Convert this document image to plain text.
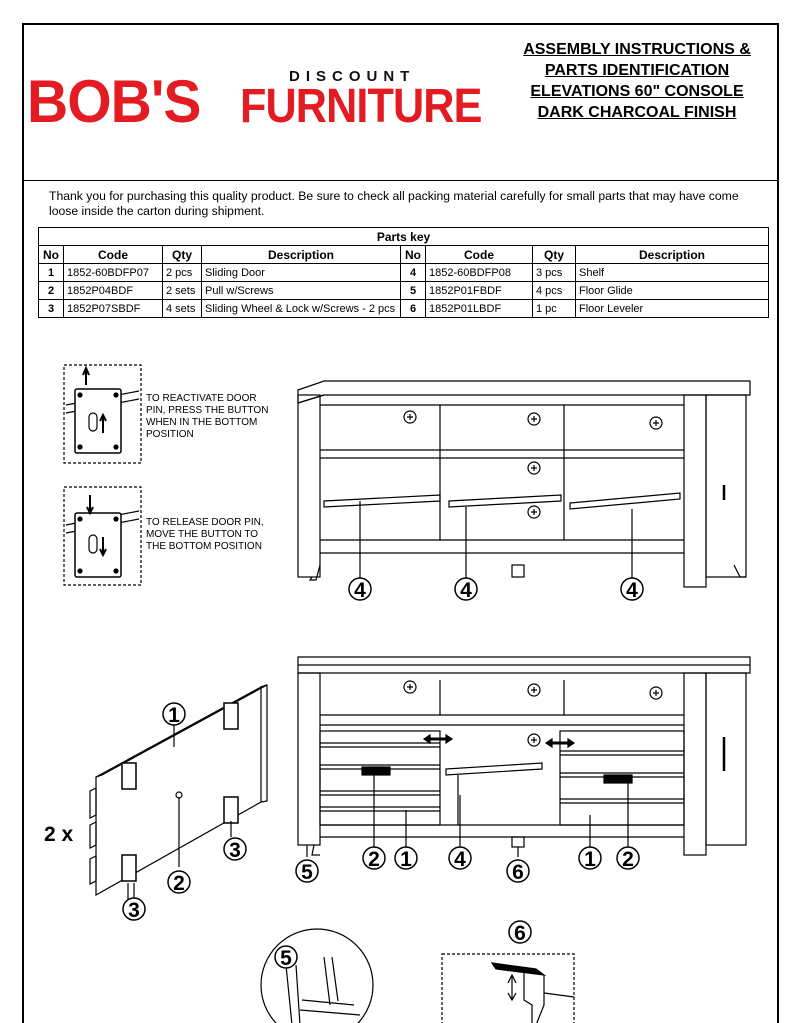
BOB'S	DISCOUNT
FURNITURE
ASSEMBLY INSTRUCTIONS &
PARTS IDENTIFICATION
ELEVATIONS 60" CONSOLE
DARK CHARCOAL FINISH
Thank you for purchasing this quality product. Be sure to check all packing material carefully for small parts that may have come loose inside the carton during shipment.
Parts key							
No	Code	Qty	Description	No	Code	Qty	Description
1	1852-60BDFP07	2 pcs	Sliding Door	4	1852-60BDFP08	3 pcs	Shelf
2	1852P04BDF	2 sets	Pull w/Screws	5	1852P01FBDF	4 pcs	Floor Glide
3	1852P07SBDF	4 sets	Sliding Wheel & Lock w/Screws - 2 pcs	6	1852P01LBDF	1 pc	Floor Leveler
TO REACTIVATE DOOR
PIN, PRESS THE BUTTON
WHEN IN THE BOTTOM
POSITION
TO RELEASE DOOR PIN,
MOVE THE BUTTON TO
THE BOTTOM POSITION
2 x
4	4	4
1
2
3
3
5
2 1 4
6
1 2
5
6
